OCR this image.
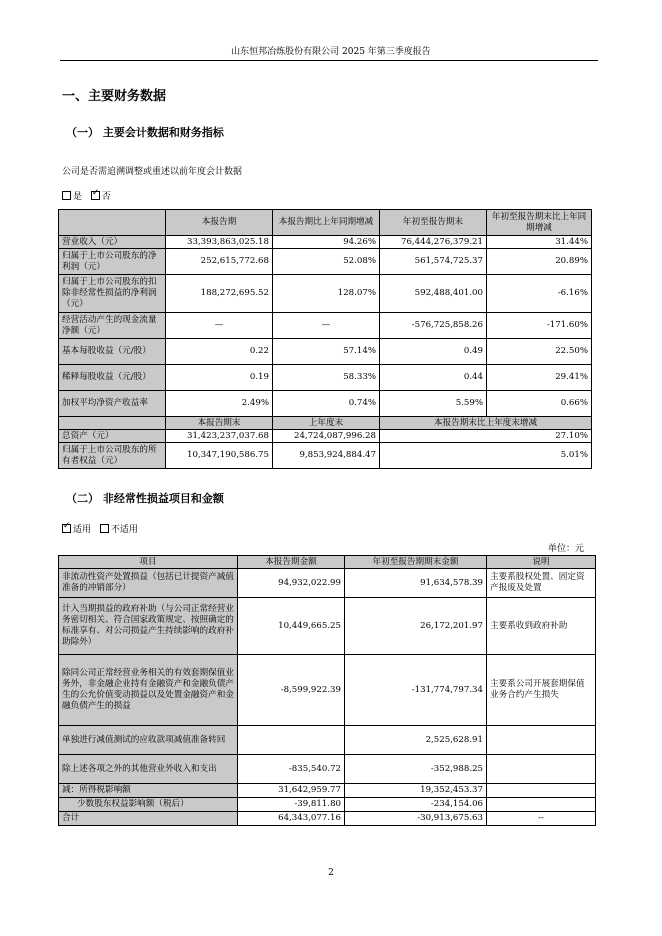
山东恒邦冶炼股份有限公司 2025 年第三季度报告
一、主要财务数据
（一） 主要会计数据和财务指标
公司是否需追溯调整或重述以前年度会计数据
是 ✓ 否
	本报告期	本报告期比上年同期增减	年初至报告期末	年初至报告期末比上年同期增减
营业收入（元）	33,393,863,025.18	94.26%	76,444,276,379.21	31.44%
归属于上市公司股东的净利润（元）	252,615,772.68	52.08%	561,574,725.37	20.89%
归属于上市公司股东的扣除非经常性损益的净利润（元）	188,272,695.52	128.07%	592,488,401.00	-6.16%
经营活动产生的现金流量净额（元）	—	—	-576,725,858.26	-171.60%
基本每股收益（元/股）	0.22	57.14%	0.49	22.50%
稀释每股收益（元/股）	0.19	58.33%	0.44	29.41%
加权平均净资产收益率	2.49%	0.74%	5.59%	0.66%
	本报告期末	上年度末	本报告期末比上年度末增减	
总资产（元）	31,423,237,037.68	24,724,087,996.28	27.10%	
归属于上市公司股东的所有者权益（元）	10,347,190,586.75	9,853,924,884.47	5.01%	
（二） 非经常性损益项目和金额
✓适用 不适用
单位：元
项目	本报告期金额	年初至报告期期末金额	说明
非流动性资产处置损益（包括已计提资产减值准备的冲销部分）	94,932,022.99	91,634,578.39	主要系股权处置、固定资产报废及处置
计入当期损益的政府补助（与公司正常经营业务密切相关、符合国家政策规定、按照确定的标准享有、对公司损益产生持续影响的政府补助除外）	10,449,665.25	26,172,201.97	主要系收到政府补助
除同公司正常经营业务相关的有效套期保值业务外，非金融企业持有金融资产和金融负债产生的公允价值变动损益以及处置金融资产和金融负债产生的损益	-8,599,922.39	-131,774,797.34	主要系公司开展套期保值业务合约产生损失
单独进行减值测试的应收款项减值准备转回		2,525,628.91	
除上述各项之外的其他营业外收入和支出	-835,540.72	-352,988.25	
减：所得税影响额	31,642,959.77	19,352,453.37	
少数股东权益影响额（税后）	-39,811.80	-234,154.06	
合计	64,343,077.16	-30,913,675.63	--
2
